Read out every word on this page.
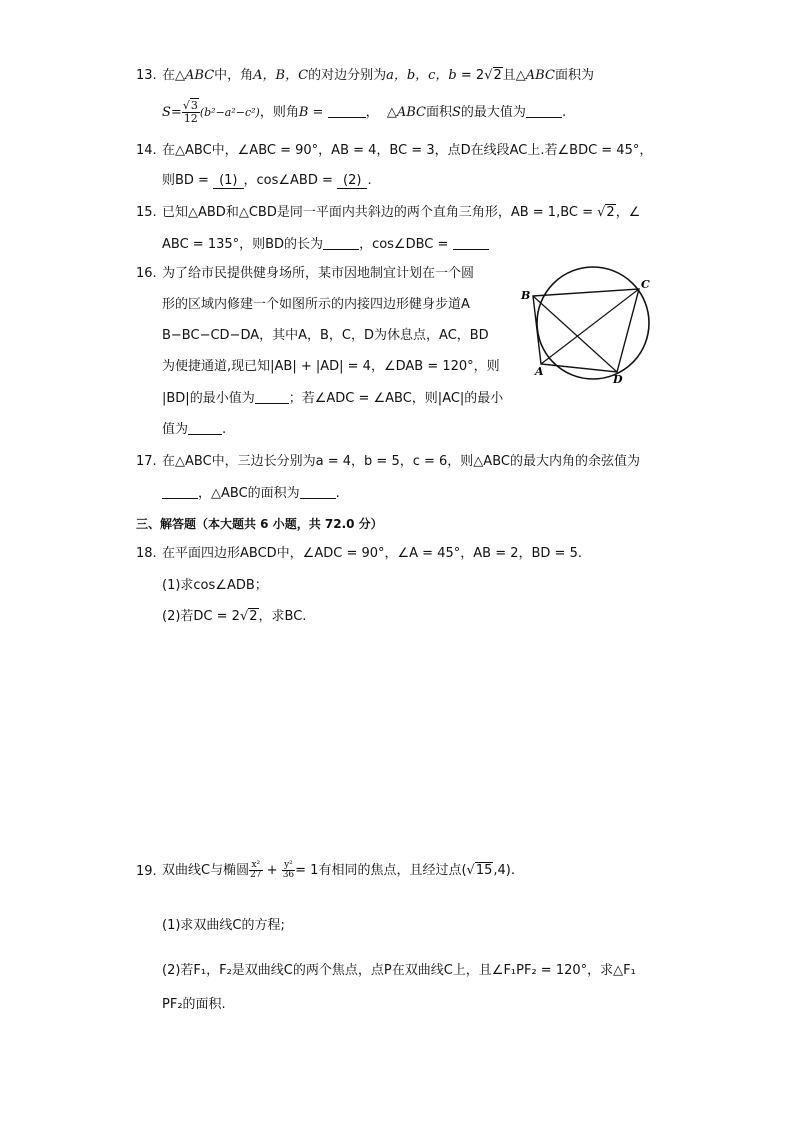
13. 在△ABC中，角A，B，C的对边分别为a，b，c，b = 2√2且△ABC面积为
$S= \frac{√3}{12} (b^2-a^2-c^2)$，则角B =	， △ABC面积S的最大值为	.
14. 在△ABC中，∠ABC = 90°，AB = 4，BC = 3，点D在线段AC上.若∠BDC = 45°，
则BD = (1) ，cos∠ABD = (2) .
15. 已知△ABD和△CBD是同一平面内共斜边的两个直角三角形，AB = 1,BC = √2，∠
ABC = 135°，则BD的长为	，cos∠DBC =
16. 为了给市民提供健身场所，某市因地制宜计划在一个圆
形的区域内修建一个如图所示的内接四边形健身步道A
B−BC−CD−DA，其中A，B，C，D为休息点，AC，BD
为便捷通道,现已知|AB| + |AD| = 4，∠DAB = 120°，则
|BD|的最小值为	；若∠ADC = ∠ABC，则|AC|的最小
值为	.
B
C
A
D
17. 在△ABC中，三边长分别为a = 4，b = 5，c = 6，则△ABC的最大内角的余弦值为
，△ABC的面积为	.
三、解答题（本大题共 6 小题，共 72.0 分）
18. 在平面四边形ABCD中，∠ADC = 90°，∠A = 45°，AB = 2，BD = 5.
(1)求cos∠ADB；
(2)若DC = 2√2，求BC.
19. 双曲线C与椭圆 $\frac{\text{x²}}{27} + \frac{\text{y²}}{36} = 1$有相同的焦点，且经过点(√15,4).
(1)求双曲线C的方程;
(2)若F₁，F₂是双曲线C的两个焦点，点P在双曲线C上，且∠F₁PF₂ = 120°，求△F₁
PF₂的面积.
